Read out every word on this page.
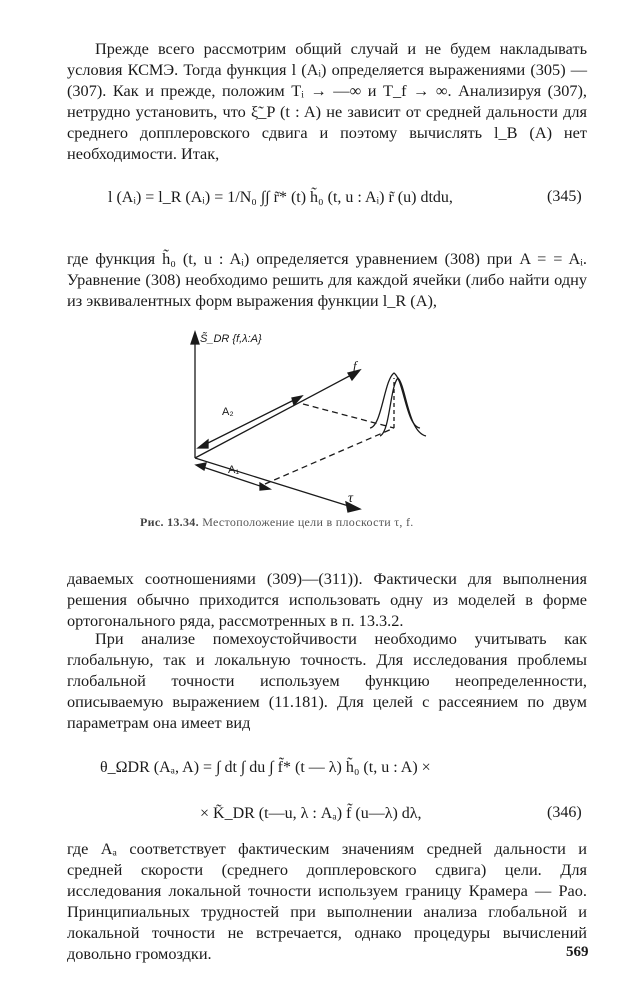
Прежде всего рассмотрим общий случай и не будем накладывать условия КСМЭ. Тогда функция l (Aᵢ) определяется выражениями (305) — (307). Как и прежде, положим Tᵢ → —∞ и T_f → ∞. Анализируя (307), нетрудно установить, что ξ̃_P (t : A) не зависит от средней дальности для среднего допплеровского сдвига и поэтому вычислять l_B (A) нет необходимости. Итак,

l (Aᵢ) = l_R (Aᵢ) = 1/N₀ ∫∫ r̃* (t) h̃₀ (t, u : Aᵢ) r̃ (u) dtdu,	(345)

где функция h̃₀ (t, u : Aᵢ) определяется уравнением (308) при A = = Aᵢ. Уравнение (308) необходимо решить для каждой ячейки (либо найти одну из эквивалентных форм выражения функции l_R (A),

S̃_DR {f,λ:A}
f
τ
A₂
A₁
Рис. 13.34. Местоположение цели в плоскости τ, f.

даваемых соотношениями (309)—(311)). Фактически для выполнения решения обычно приходится использовать одну из моделей в форме ортогонального ряда, рассмотренных в п. 13.3.2.

При анализе помехоустойчивости необходимо учитывать как глобальную, так и локальную точность. Для исследования проблемы глобальной точности используем функцию неопределенности, описываемую выражением (11.181). Для целей с рассеянием по двум параметрам она имеет вид

θ_ΩDR (Aₐ, A) = ∫ dt ∫ du ∫ f̃* (t — λ) h̃₀ (t, u : A) ×
× K̃_DR (t—u, λ : Aₐ) f̃ (u—λ) dλ,	(346)

где Aₐ соответствует фактическим значениям средней дальности и средней скорости (среднего допплеровского сдвига) цели. Для исследования локальной точности используем границу Крамера — Рао. Принципиальных трудностей при выполнении анализа глобальной и локальной точности не встречается, однако процедуры вычислений довольно громоздки.	569
